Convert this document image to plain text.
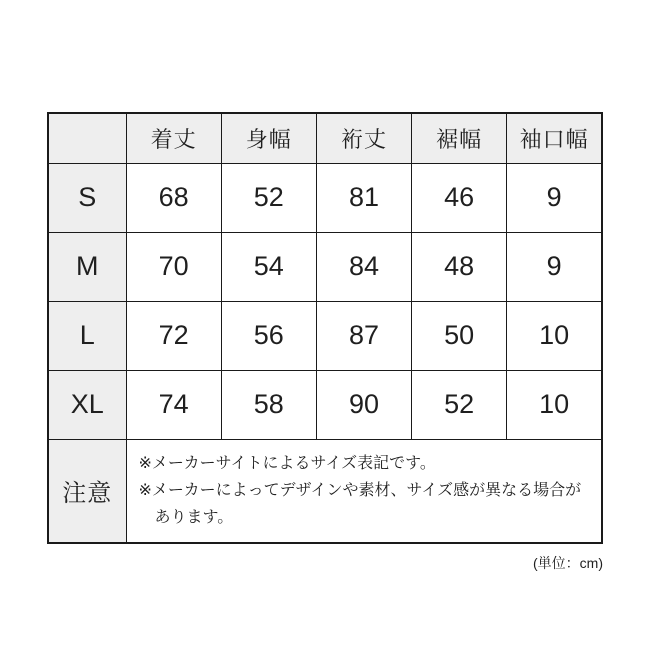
	着丈	身幅	裄丈	裾幅	袖口幅
S	68	52	81	46	9
M	70	54	84	48	9
L	72	56	87	50	10
XL	74	58	90	52	10
注意	※メーカーサイトによるサイズ表記です。
※メーカーによってデザインや素材、サイズ感が異なる場合が
あります。				
(単位：cm)
